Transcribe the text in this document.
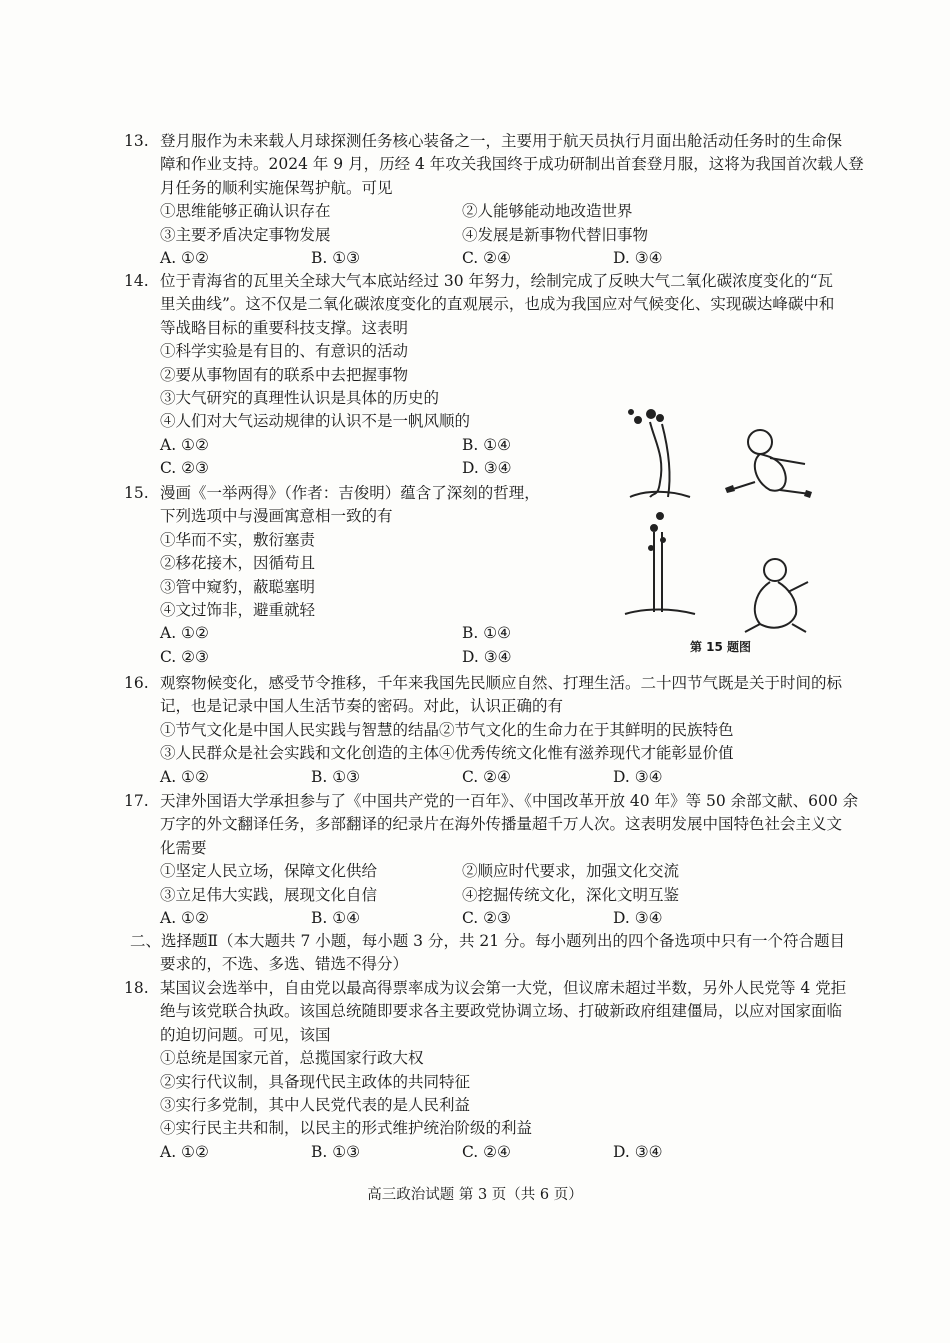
13. 登月服作为未来载人月球探测任务核心装备之一，主要用于航天员执行月面出舱活动任务时的生命保
障和作业支持。2024 年 9 月，历经 4 年攻关我国终于成功研制出首套登月服，这将为我国首次载人登
月任务的顺利实施保驾护航。可见
①思维能够正确认识存在	②人能够能动地改造世界
③主要矛盾决定事物发展	④发展是新事物代替旧事物
A. ①②	B. ①③	C. ②④	D. ③④
14. 位于青海省的瓦里关全球大气本底站经过 30 年努力，绘制完成了反映大气二氧化碳浓度变化的“瓦
里关曲线”。这不仅是二氧化碳浓度变化的直观展示，也成为我国应对气候变化、实现碳达峰碳中和
等战略目标的重要科技支撑。这表明
①科学实验是有目的、有意识的活动
②要从事物固有的联系中去把握事物
③大气研究的真理性认识是具体的历史的
④人们对大气运动规律的认识不是一帆风顺的
A. ①②	B. ①④
C. ②③	D. ③④
15. 漫画《一举两得》（作者：吉俊明）蕴含了深刻的哲理，
下列选项中与漫画寓意相一致的有
①华而不实，敷衍塞责
②移花接木，因循苟且
③管中窥豹，蔽聪塞明
④文过饰非，避重就轻
A. ①②	B. ①④
C. ②③	D. ③④
第 15 题图
16. 观察物候变化，感受节令推移，千年来我国先民顺应自然、打理生活。二十四节气既是关于时间的标
记，也是记录中国人生活节奏的密码。对此，认识正确的有
①节气文化是中国人民实践与智慧的结晶②节气文化的生命力在于其鲜明的民族特色
③人民群众是社会实践和文化创造的主体④优秀传统文化惟有滋养现代才能彰显价值
A. ①②	B. ①③	C. ②④	D. ③④
17. 天津外国语大学承担参与了《中国共产党的一百年》、《中国改革开放 40 年》等 50 余部文献、600 余
万字的外文翻译任务，多部翻译的纪录片在海外传播量超千万人次。这表明发展中国特色社会主义文
化需要
①坚定人民立场，保障文化供给	②顺应时代要求，加强文化交流
③立足伟大实践，展现文化自信	④挖掘传统文化，深化文明互鉴
A. ①②	B. ①④	C. ②③	D. ③④
二、选择题Ⅱ（本大题共 7 小题，每小题 3 分，共 21 分。每小题列出的四个备选项中只有一个符合题目
要求的，不选、多选、错选不得分）
18. 某国议会选举中，自由党以最高得票率成为议会第一大党，但议席未超过半数，另外人民党等 4 党拒
绝与该党联合执政。该国总统随即要求各主要政党协调立场、打破新政府组建僵局，以应对国家面临
的迫切问题。可见，该国
①总统是国家元首，总揽国家行政大权
②实行代议制，具备现代民主政体的共同特征
③实行多党制，其中人民党代表的是人民利益
④实行民主共和制，以民主的形式维护统治阶级的利益
A. ①②	B. ①③	C. ②④	D. ③④
高三政治试题 第 3 页（共 6 页）
